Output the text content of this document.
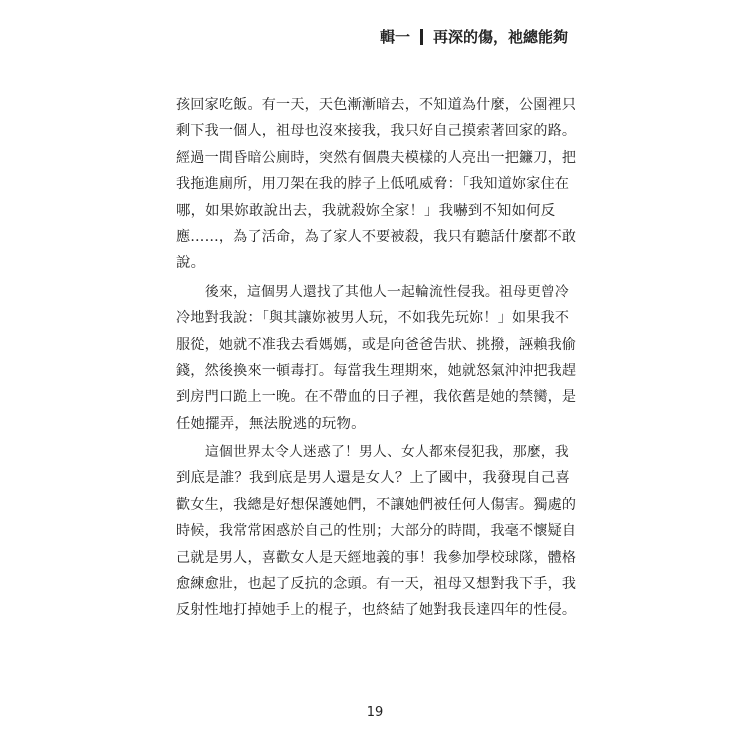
輯一 再深的傷，祂總能夠
孩回家吃飯。有一天，天色漸漸暗去，不知道為什麼，公園裡只
剩下我一個人，祖母也沒來接我，我只好自己摸索著回家的路。
經過一間昏暗公廁時，突然有個農夫模樣的人亮出一把鐮刀，把
我拖進廁所，用刀架在我的脖子上低吼威脅：「我知道妳家住在
哪，如果妳敢說出去，我就殺妳全家！」我嚇到不知如何反
應……，為了活命，為了家人不要被殺，我只有聽話什麼都不敢
說。
後來，這個男人還找了其他人一起輪流性侵我。祖母更曾冷
冷地對我說：「與其讓妳被男人玩，不如我先玩妳！」如果我不
服從，她就不准我去看媽媽，或是向爸爸告狀、挑撥，誣賴我偷
錢，然後換來一頓毒打。每當我生理期來，她就怒氣沖沖把我趕
到房門口跪上一晚。在不帶血的日子裡，我依舊是她的禁臠，是
任她擺弄，無法脫逃的玩物。
這個世界太令人迷惑了！男人、女人都來侵犯我，那麼，我
到底是誰？我到底是男人還是女人？上了國中，我發現自己喜
歡女生，我總是好想保護她們，不讓她們被任何人傷害。獨處的
時候，我常常困惑於自己的性別；大部分的時間，我毫不懷疑自
己就是男人，喜歡女人是天經地義的事！我參加學校球隊，體格
愈練愈壯，也起了反抗的念頭。有一天，祖母又想對我下手，我
反射性地打掉她手上的棍子，也終結了她對我長達四年的性侵。
19
